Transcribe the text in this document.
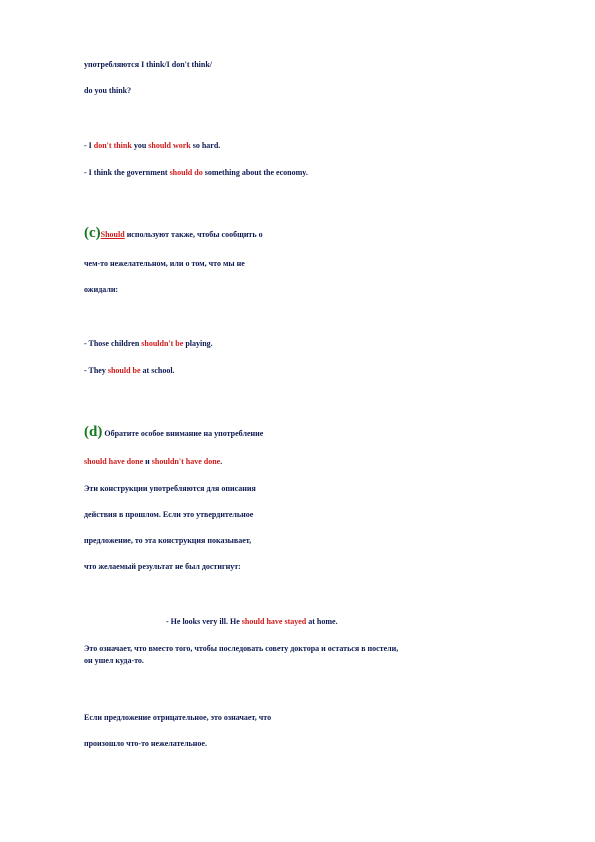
употребляются I think/I don't think/
do you think?
- I don't think you should work so hard.
- I think the government should do something about the economy.
(c)Should используют также, чтобы сообщить о
чем-то нежелательном, или о том, что мы не
ожидали:
- Those children shouldn't be playing.
- They should be at school.
(d) Обратите особое внимание на употребление
should have done и shouldn't have done.
Эти конструкции употребляются для описания
действия в прошлом. Если это утвердительное
предложение, то эта конструкция показывает,
что желаемый результат не был достигнут:
- He looks very ill. He should have stayed at home.
Это означает, что вместо того, чтобы последовать совету доктора и остаться в постели,
он ушел куда-то.
Если предложение отрицательное, это означает, что
произошло что-то нежелательное.
